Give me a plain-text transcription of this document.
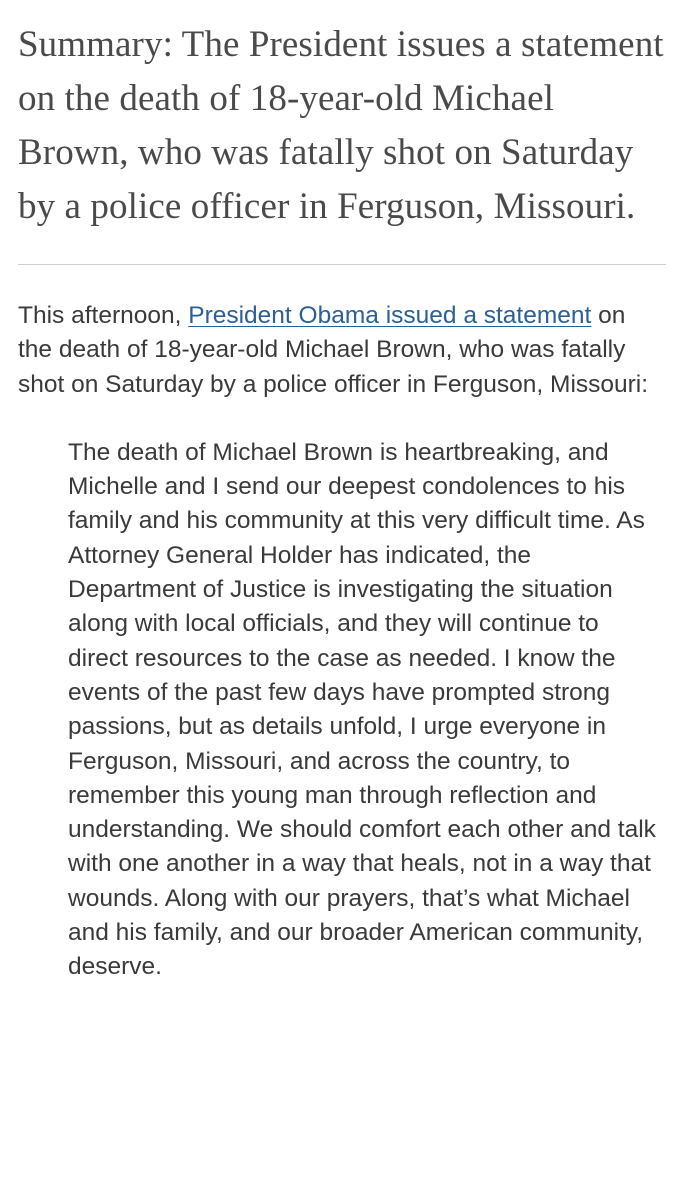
Summary: The President issues a statement on the death of 18-year-old Michael Brown, who was fatally shot on Saturday by a police officer in Ferguson, Missouri.

This afternoon, President Obama issued a statement on the death of 18-year-old Michael Brown, who was fatally shot on Saturday by a police officer in Ferguson, Missouri:

The death of Michael Brown is heartbreaking, and Michelle and I send our deepest condolences to his family and his community at this very difficult time. As Attorney General Holder has indicated, the Department of Justice is investigating the situation along with local officials, and they will continue to direct resources to the case as needed. I know the events of the past few days have prompted strong passions, but as details unfold, I urge everyone in Ferguson, Missouri, and across the country, to remember this young man through reflection and understanding. We should comfort each other and talk with one another in a way that heals, not in a way that wounds. Along with our prayers, that’s what Michael and his family, and our broader American community, deserve.
